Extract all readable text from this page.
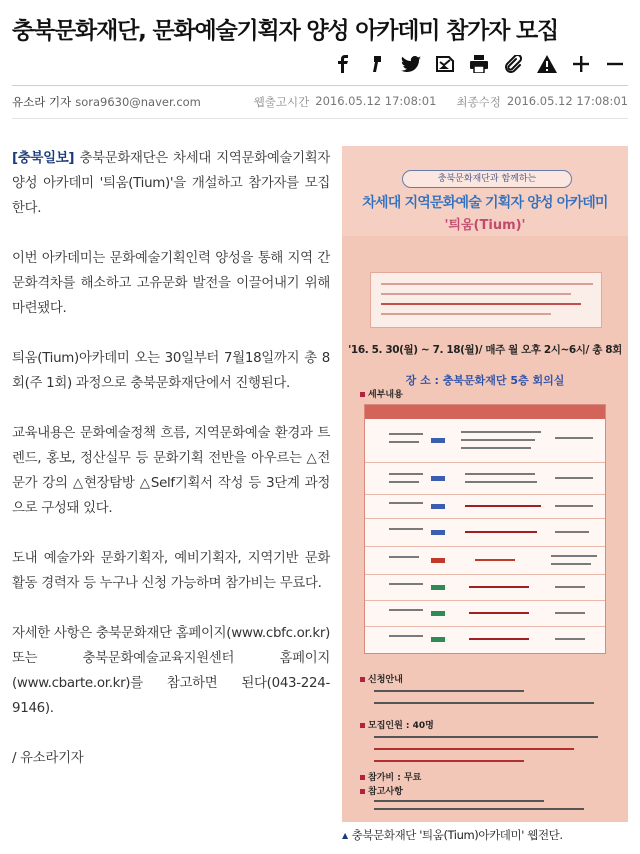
충북문화재단, 문화예술기획자 양성 아카데미 참가자 모집
유소라 기자 sora9630@naver.com	웹출고시간 2016.05.12 17:08:01 최종수정 2016.05.12 17:08:01

[충북일보] 충북문화재단은 차세대 지역문화예술기획자 양성 아카데미 '틔움(Tium)'을 개설하고 참가자를 모집한다.

이번 아카데미는 문화예술기획인력 양성을 통해 지역 간 문화격차를 해소하고 고유문화 발전을 이끌어내기 위해 마련됐다.

틔움(Tium)아카데미 오는 30일부터 7월18일까지 총 8회(주 1회) 과정으로 충북문화재단에서 진행된다.

교육내용은 문화예술정책 흐름, 지역문화예술 환경과 트렌드, 홍보, 정산실무 등 문화기획 전반을 아우르는 △전문가 강의 △현장탐방 △Self기획서 작성 등 3단계 과정으로 구성돼 있다.

도내 예술가와 문화기획자, 예비기획자, 지역기반 문화활동 경력자 등 누구나 신청 가능하며 참가비는 무료다.

자세한 사항은 충북문화재단 홈페이지(www.cbfc.or.kr)또는 충북문화예술교육지원센터 홈페이지(www.cbarte.or.kr)를 참고하면 된다(043-224-9146).

/ 유소라기자

충북문화재단과 함께하는
차세대 지역문화예술 기획자 양성 아카데미
'틔움(Tium)'
'16. 5. 30(월) ~ 7. 18(월)/ 매주 월 오후 2시~6시/ 총 8회
장 소 : 충북문화재단 5층 회의실
세부내용
신청안내
모집인원 : 40명
참가비 : 무료
참고사항
▲ 충북문화재단 '틔움(Tium)아카데미' 웹전단.
